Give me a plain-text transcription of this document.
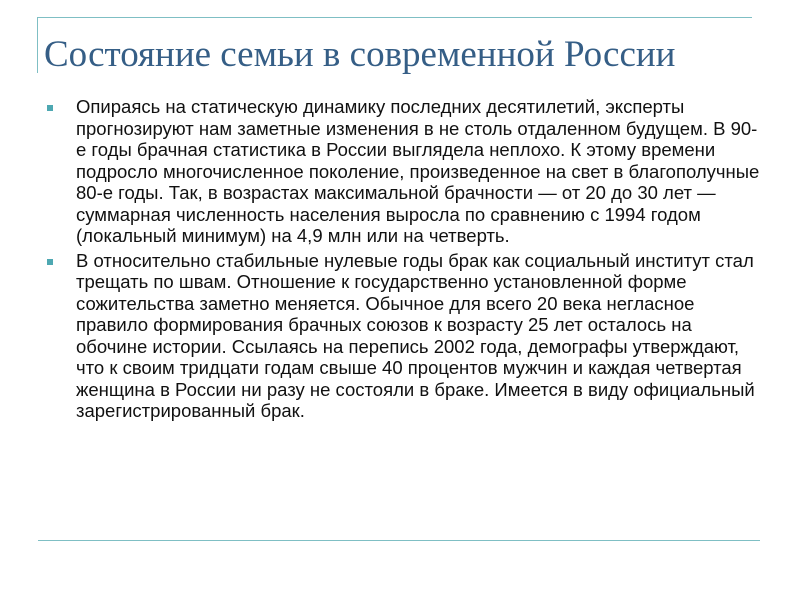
Состояние семьи в современной России
Опираясь на статическую динамику последних десятилетий, эксперты прогнозируют нам заметные изменения в не столь отдаленном будущем. В 90-е годы брачная статистика в России выглядела неплохо. К этому времени подросло многочисленное поколение, произведенное на свет в благополучные 80-е годы. Так, в возрастах максимальной брачности — от 20 до 30 лет — суммарная численность населения выросла по сравнению с 1994 годом (локальный минимум) на 4,9 млн или на четверть.
В относительно стабильные нулевые годы брак как социальный институт стал трещать по швам. Отношение к государственно установленной форме сожительства заметно меняется. Обычное для всего 20 века негласное правило формирования брачных союзов к возрасту 25 лет осталось на обочине истории. Ссылаясь на перепись 2002 года, демографы утверждают, что к своим тридцати годам свыше 40 процентов мужчин и каждая четвертая женщина в России ни разу не состояли в браке. Имеется в виду официальный зарегистрированный брак.
